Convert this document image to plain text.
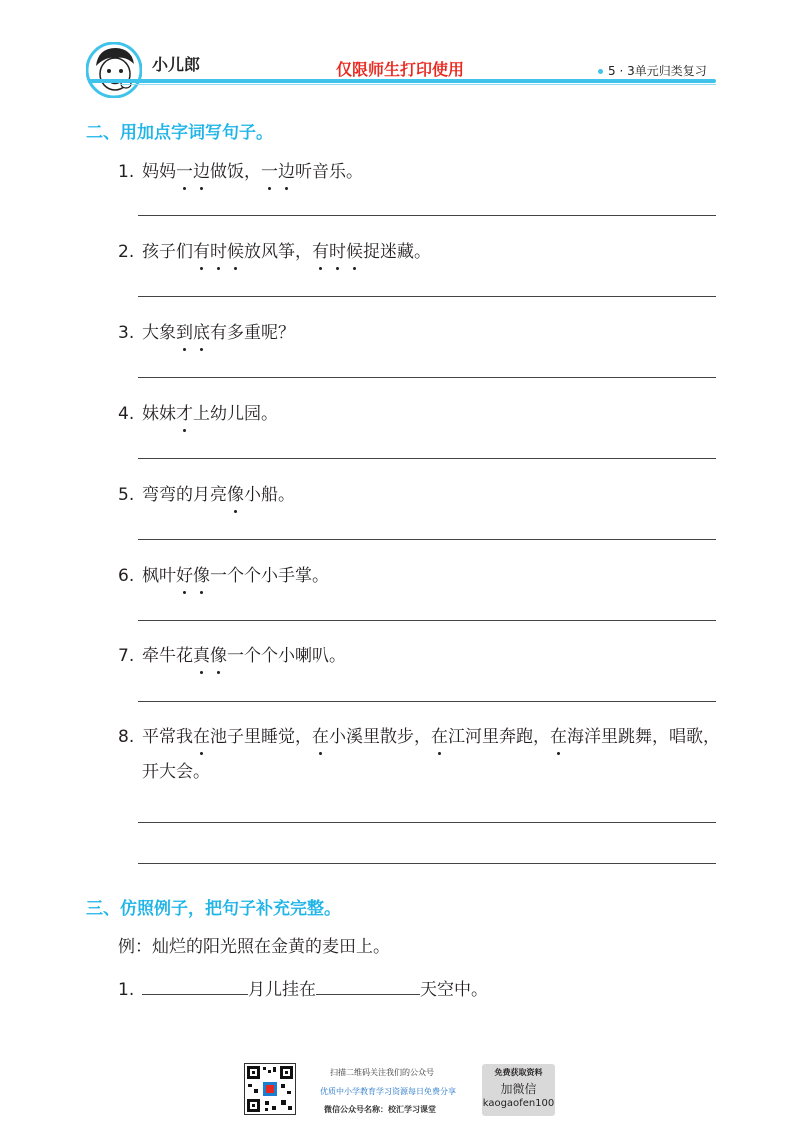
小儿郎	仅限师生打印使用	5 · 3单元归类复习
二、用加点字词写句子。
1. 妈妈一边做饭，一边听音乐。
2. 孩子们有时候放风筝，有时候捉迷藏。
3. 大象到底有多重呢？
4. 妹妹才上幼儿园。
5. 弯弯的月亮像小船。
6. 枫叶好像一个个小手掌。
7. 牵牛花真像一个个小喇叭。
8. 平常我在池子里睡觉，在小溪里散步，在江河里奔跑，在海洋里跳舞，唱歌，
开大会。
三、仿照例子，把句子补充完整。
例：灿烂的阳光照在金黄的麦田上。
1.	月儿挂在	天空中。
扫描二维码关注我们的公众号
优质中小学教育学习资源每日免费分享
微信公众号名称：校汇学习课堂
免费获取资料
加微信
kaogaofen100
